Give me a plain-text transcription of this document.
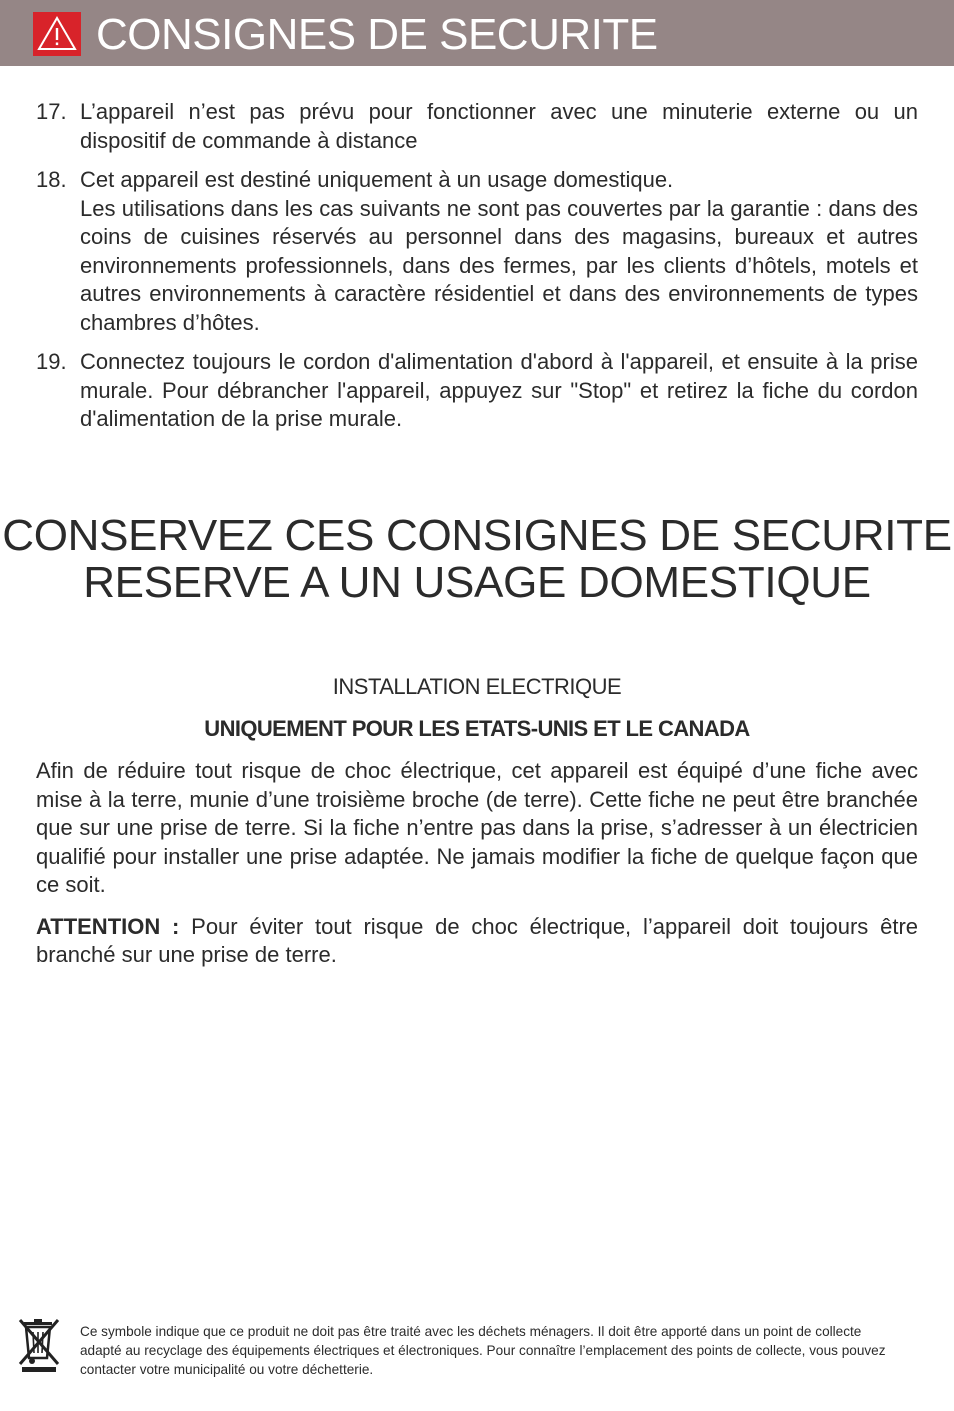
CONSIGNES DE SECURITE
17. L’appareil n’est pas prévu pour fonctionner avec une minuterie externe ou un dispositif de commande à distance

18. Cet appareil est destiné uniquement à un usage domestique.

Les utilisations dans les cas suivants ne sont pas couvertes par la garantie : dans des coins de cuisines réservés au personnel dans des magasins, bureaux et autres environnements professionnels, dans des fermes, par les clients d’hôtels, motels et autres environnements à caractère résidentiel et dans des environnements de types chambres d’hôtes.

19. Connectez toujours le cordon d'alimentation d'abord à l'appareil, et ensuite à la prise murale. Pour débrancher l'appareil, appuyez sur "Stop" et retirez la fiche du cordon d'alimentation de la prise murale.

CONSERVEZ CES CONSIGNES DE SECURITE
RESERVE A UN USAGE DOMESTIQUE
INSTALLATION ELECTRIQUE
UNIQUEMENT POUR LES ETATS-UNIS ET LE CANADA

Afin de réduire tout risque de choc électrique, cet appareil est équipé d’une fiche avec mise à la terre, munie d’une troisième broche (de terre). Cette fiche ne peut être branchée que sur une prise de terre. Si la fiche n’entre pas dans la prise, s’adresser à un électricien qualifié pour installer une prise adaptée. Ne jamais modifier la fiche de quelque façon que ce soit.

ATTENTION : Pour éviter tout risque de choc électrique, l’appareil doit toujours être branché sur une prise de terre.

Ce symbole indique que ce produit ne doit pas être traité avec les déchets ménagers. Il doit être apporté dans un point de collecte adapté au recyclage des équipements électriques et électroniques. Pour connaître l’emplacement des points de collecte, vous pouvez contacter votre municipalité ou votre déchetterie.
